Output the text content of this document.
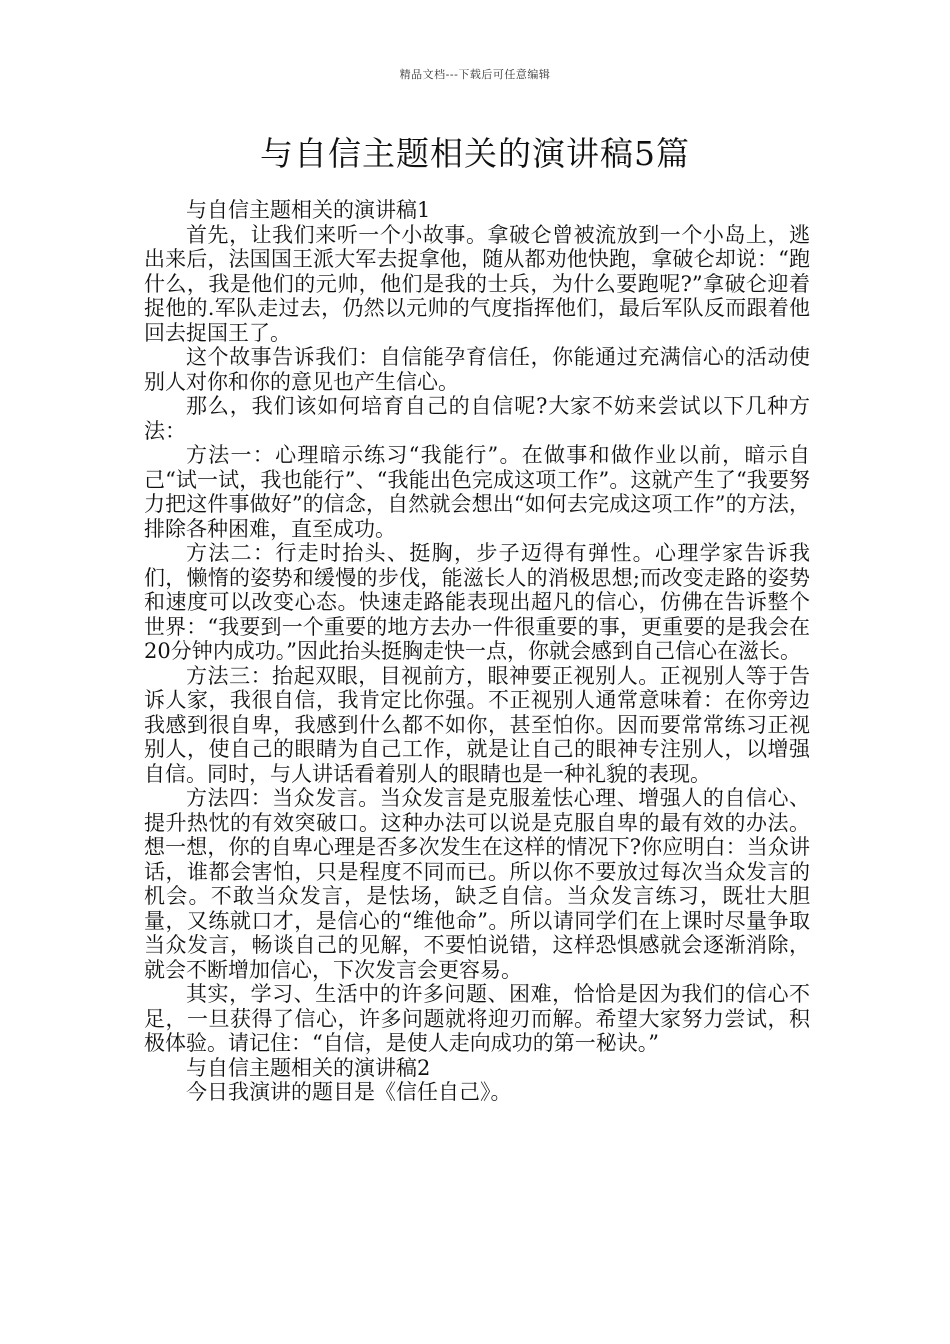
精品文档---下载后可任意编辑
与自信主题相关的演讲稿5篇

与自信主题相关的演讲稿1

首先，让我们来听一个小故事。拿破仑曾被流放到一个小岛上，逃出来后，法国国王派大军去捉拿他，随从都劝他快跑，拿破仑却说：“跑什么，我是他们的元帅，他们是我的士兵，为什么要跑呢?”拿破仑迎着捉他的.军队走过去，仍然以元帅的气度指挥他们，最后军队反而跟着他回去捉国王了。

这个故事告诉我们：自信能孕育信任，你能通过充满信心的活动使别人对你和你的意见也产生信心。

那么，我们该如何培育自己的自信呢?大家不妨来尝试以下几种方法：

方法一：心理暗示练习“我能行”。在做事和做作业以前，暗示自己“试一试，我也能行”、“我能出色完成这项工作”。这就产生了“我要努力把这件事做好”的信念，自然就会想出“如何去完成这项工作”的方法，排除各种困难，直至成功。

方法二：行走时抬头、挺胸，步子迈得有弹性。心理学家告诉我们，懒惰的姿势和缓慢的步伐，能滋长人的消极思想;而改变走路的姿势和速度可以改变心态。快速走路能表现出超凡的信心，仿佛在告诉整个世界：“我要到一个重要的地方去办一件很重要的事，更重要的是我会在20分钟内成功。”因此抬头挺胸走快一点，你就会感到自己信心在滋长。

方法三：抬起双眼，目视前方，眼神要正视别人。正视别人等于告诉人家，我很自信，我肯定比你强。不正视别人通常意味着：在你旁边我感到很自卑，我感到什么都不如你，甚至怕你。因而要常常练习正视别人，使自己的眼睛为自己工作，就是让自己的眼神专注别人，以增强自信。同时，与人讲话看着别人的眼睛也是一种礼貌的表现。

方法四：当众发言。当众发言是克服羞怯心理、增强人的自信心、提升热忱的有效突破口。这种办法可以说是克服自卑的最有效的办法。想一想，你的自卑心理是否多次发生在这样的情况下?你应明白：当众讲话，谁都会害怕，只是程度不同而已。所以你不要放过每次当众发言的机会。不敢当众发言，是怯场，缺乏自信。当众发言练习，既壮大胆量，又练就口才，是信心的“维他命”。所以请同学们在上课时尽量争取当众发言，畅谈自己的见解，不要怕说错，这样恐惧感就会逐渐消除，就会不断增加信心，下次发言会更容易。

其实，学习、生活中的许多问题、困难，恰恰是因为我们的信心不足，一旦获得了信心，许多问题就将迎刃而解。希望大家努力尝试，积极体验。请记住：“自信，是使人走向成功的第一秘诀。”

与自信主题相关的演讲稿2

今日我演讲的题目是《信任自己》。
